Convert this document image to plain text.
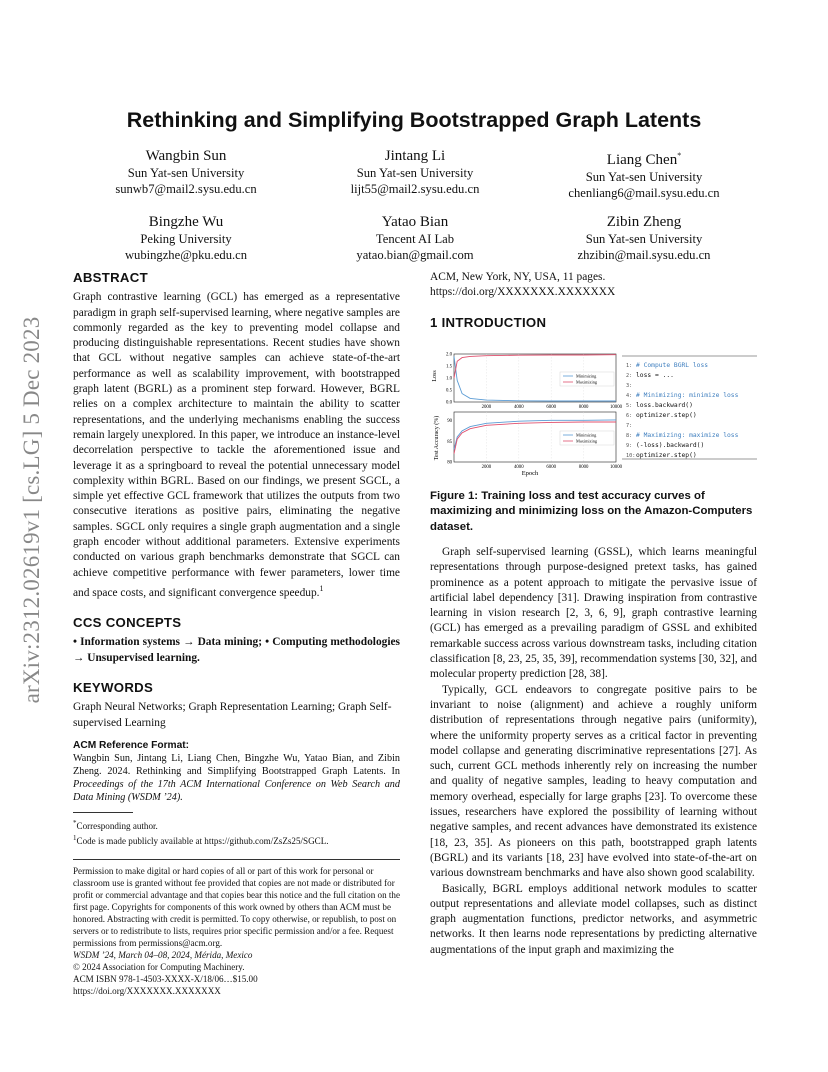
arXiv:2312.02619v1 [cs.LG] 5 Dec 2023
Rethinking and Simplifying Bootstrapped Graph Latents
Wangbin Sun
Sun Yat-sen University
sunwb7@mail2.sysu.edu.cn
Jintang Li
Sun Yat-sen University
lijt55@mail2.sysu.edu.cn
Liang Chen*
Sun Yat-sen University
chenliang6@mail.sysu.edu.cn
Bingzhe Wu
Peking University
wubingzhe@pku.edu.cn
Yatao Bian
Tencent AI Lab
yatao.bian@gmail.com
Zibin Zheng
Sun Yat-sen University
zhzibin@mail.sysu.edu.cn
ABSTRACT

Graph contrastive learning (GCL) has emerged as a representative paradigm in graph self-supervised learning, where negative samples are commonly regarded as the key to preventing model collapse and producing distinguishable representations. Recent studies have shown that GCL without negative samples can achieve state-of-the-art performance as well as scalability improvement, with bootstrapped graph latent (BGRL) as a prominent step forward. However, BGRL relies on a complex architecture to maintain the ability to scatter representations, and the underlying mechanisms enabling the success remain largely unexplored. In this paper, we introduce an instance-level decorrelation perspective to tackle the aforementioned issue and leverage it as a springboard to reveal the potential unnecessary model complexity within BGRL. Based on our findings, we present SGCL, a simple yet effective GCL framework that utilizes the outputs from two consecutive iterations as positive pairs, eliminating the negative samples. SGCL only requires a single graph augmentation and a single graph encoder without additional parameters. Extensive experiments conducted on various graph benchmarks demonstrate that SGCL can achieve competitive performance with fewer parameters, lower time and space costs, and significant convergence speedup.$^1$

CCS CONCEPTS

• Information systems → Data mining; • Computing methodologies → Unsupervised learning.

KEYWORDS

Graph Neural Networks; Graph Representation Learning; Graph Self-supervised Learning

ACM Reference Format:
Wangbin Sun, Jintang Li, Liang Chen, Bingzhe Wu, Yatao Bian, and Zibin Zheng. 2024. Rethinking and Simplifying Bootstrapped Graph Latents. In Proceedings of the 17th ACM International Conference on Web Search and Data Mining (WSDM ’24).
*Corresponding author.
$^1$Code is made publicly available at https://github.com/ZsZs25/SGCL.
Permission to make digital or hard copies of all or part of this work for personal or classroom use is granted without fee provided that copies are not made or distributed for profit or commercial advantage and that copies bear this notice and the full citation on the first page. Copyrights for components of this work owned by others than ACM must be honored. Abstracting with credit is permitted. To copy otherwise, or republish, to post on servers or to redistribute to lists, requires prior specific permission and/or a fee. Request permissions from permissions@acm.org.
WSDM ’24, March 04–08, 2024, Mérida, Mexico
© 2024 Association for Computing Machinery.
ACM ISBN 978-1-4503-XXXX-X/18/06…$15.00
https://doi.org/XXXXXXX.XXXXXXX

ACM, New York, NY, USA, 11 pages. https://doi.org/XXXXXXX.XXXXXXX

1 INTRODUCTION
Loss
Test Accuracy (%)
Epoch
2000	4000	6000	8000	10000
2.0
1.5
1.0
0.5
0.0
Minimizing
Maximizing
2000	4000	6000	8000	10000
90
85
80
Minimizing
Maximizing
1: # Compute BGRL loss
2: loss = ...
3:
4: # Minimizing: minimize loss
5: loss.backward()
6: optimizer.step()
7:
8: # Maximizing: maximize loss
9: (-loss).backward()
10: optimizer.step()
Figure 1: Training loss and test accuracy curves of maximizing and minimizing loss on the Amazon-Computers dataset.

Graph self-supervised learning (GSSL), which learns meaningful representations through purpose-designed pretext tasks, has gained prominence as a potent approach to mitigate the pervasive issue of artificial label dependency [31]. Drawing inspiration from contrastive learning in vision research [2, 3, 6, 9], graph contrastive learning (GCL) has emerged as a prevailing paradigm of GSSL and exhibited remarkable success across various downstream tasks, including citation classification [8, 23, 25, 35, 39], recommendation systems [30, 32], and molecular property prediction [28, 38].

Typically, GCL endeavors to congregate positive pairs to be invariant to noise (alignment) and achieve a roughly uniform distribution of representations through negative pairs (uniformity), where the uniformity property serves as a critical factor in preventing model collapse and generating discriminative representations [27]. As such, current GCL methods inherently rely on increasing the number and quality of negative samples, leading to heavy computation and memory overhead, especially for large graphs [23]. To overcome these issues, researchers have explored the possibility of learning without negative samples, and recent advances have demonstrated its existence [18, 23, 35]. As pioneers on this path, bootstrapped graph latents (BGRL) and its variants [18, 23] have evolved into state-of-the-art on various downstream benchmarks and have also shown good scalability.

Basically, BGRL employs additional network modules to scatter output representations and alleviate model collapses, such as distinct graph augmentation functions, predictor networks, and asymmetric networks. It then learns node representations by predicting alternative augmentations of the input graph and maximizing the
